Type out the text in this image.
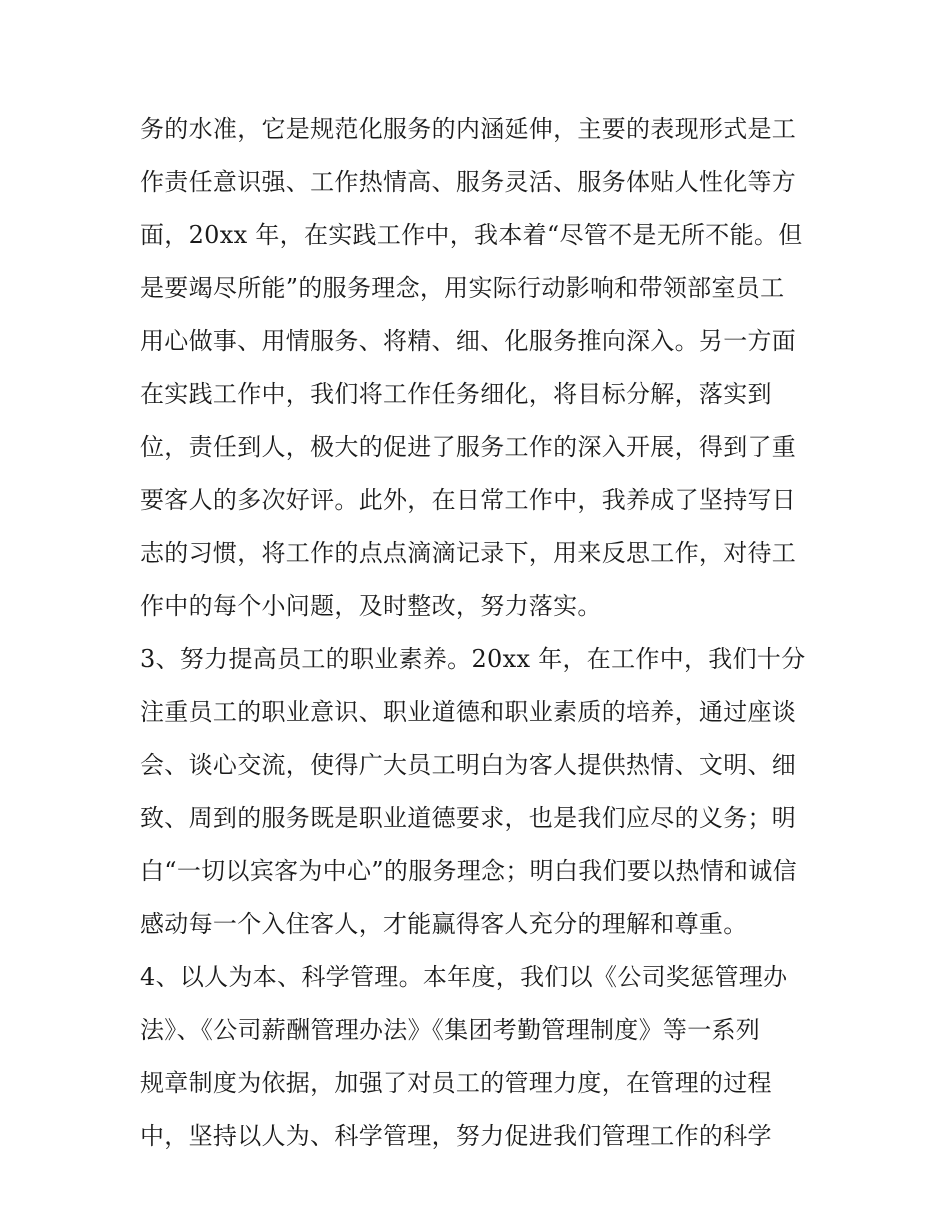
务的水准，它是规范化服务的内涵延伸，主要的表现形式是工
作责任意识强、工作热情高、服务灵活、服务体贴人性化等方
面，20xx 年，在实践工作中，我本着“尽管不是无所不能。但
是要竭尽所能”的服务理念，用实际行动影响和带领部室员工
用心做事、用情服务、将精、细、化服务推向深入。另一方面
在实践工作中，我们将工作任务细化，将目标分解，落实到
位，责任到人，极大的促进了服务工作的深入开展，得到了重
要客人的多次好评。此外，在日常工作中，我养成了坚持写日
志的习惯，将工作的点点滴滴记录下，用来反思工作，对待工
作中的每个小问题，及时整改，努力落实。
3、努力提高员工的职业素养。20xx 年，在工作中，我们十分
注重员工的职业意识、职业道德和职业素质的培养，通过座谈
会、谈心交流，使得广大员工明白为客人提供热情、文明、细
致、周到的服务既是职业道德要求，也是我们应尽的义务；明
白“一切以宾客为中心”的服务理念；明白我们要以热情和诚信
感动每一个入住客人，才能赢得客人充分的理解和尊重。
4、以人为本、科学管理。本年度，我们以《公司奖惩管理办
法》、《公司薪酬管理办法》《集团考勤管理制度》等一系列
规章制度为依据，加强了对员工的管理力度，在管理的过程
中，坚持以人为、科学管理，努力促进我们管理工作的科学
